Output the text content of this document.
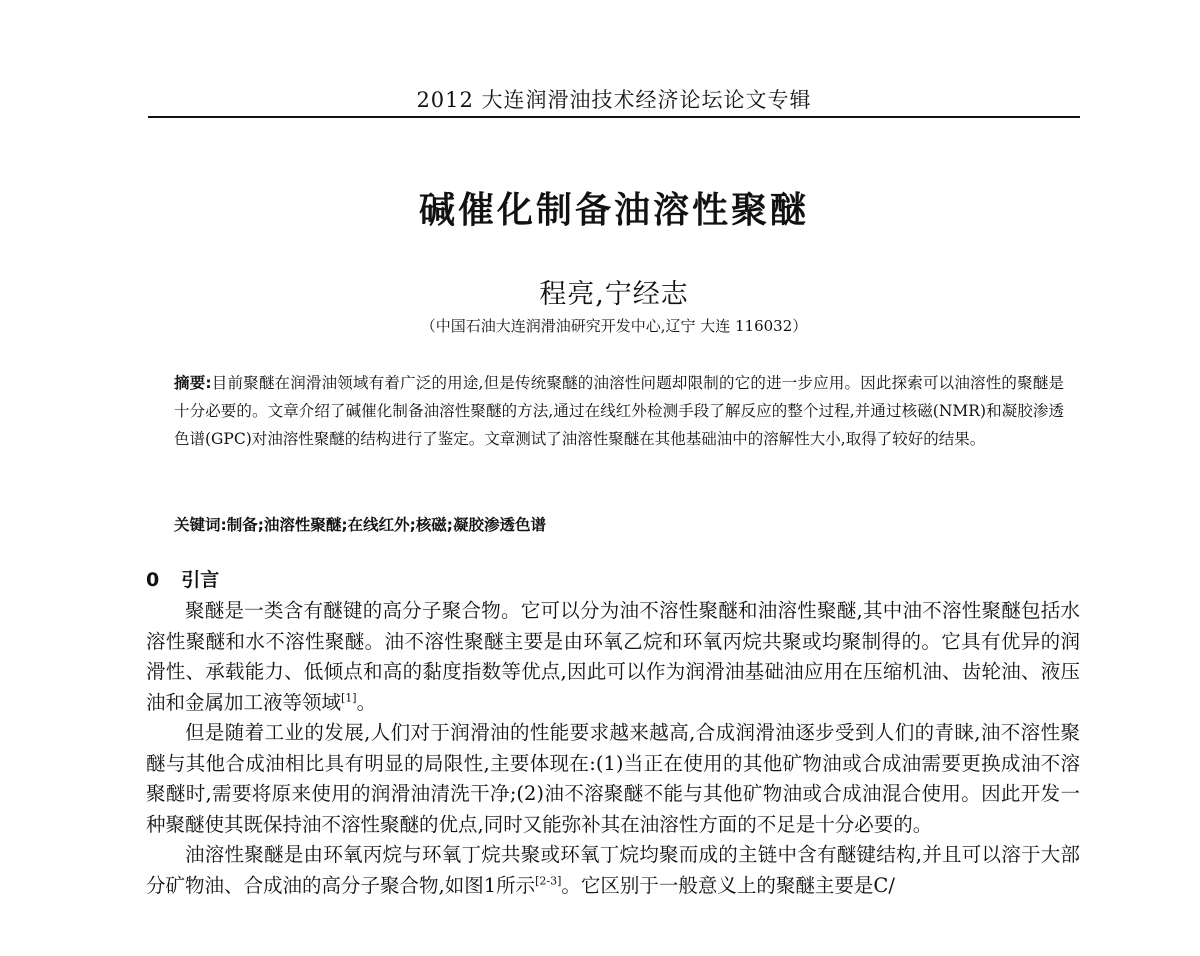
2012 大连润滑油技术经济论坛论文专辑
碱催化制备油溶性聚醚
程亮,宁经志
（中国石油大连润滑油研究开发中心,辽宁 大连 116032）
摘要:目前聚醚在润滑油领域有着广泛的用途,但是传统聚醚的油溶性问题却限制的它的进一步应用。因此探索可以油溶性的聚醚是十分必要的。文章介绍了碱催化制备油溶性聚醚的方法,通过在线红外检测手段了解反应的整个过程,并通过核磁(NMR)和凝胶渗透色谱(GPC)对油溶性聚醚的结构进行了鉴定。文章测试了油溶性聚醚在其他基础油中的溶解性大小,取得了较好的结果。
关键词:制备;油溶性聚醚;在线红外;核磁;凝胶渗透色谱
0 引言

聚醚是一类含有醚键的高分子聚合物。它可以分为油不溶性聚醚和油溶性聚醚,其中油不溶性聚醚包括水溶性聚醚和水不溶性聚醚。油不溶性聚醚主要是由环氧乙烷和环氧丙烷共聚或均聚制得的。它具有优异的润滑性、承载能力、低倾点和高的黏度指数等优点,因此可以作为润滑油基础油应用在压缩机油、齿轮油、液压油和金属加工液等领域[1]。

但是随着工业的发展,人们对于润滑油的性能要求越来越高,合成润滑油逐步受到人们的青睐,油不溶性聚醚与其他合成油相比具有明显的局限性,主要体现在:(1)当正在使用的其他矿物油或合成油需要更换成油不溶聚醚时,需要将原来使用的润滑油清洗干净;(2)油不溶聚醚不能与其他矿物油或合成油混合使用。因此开发一种聚醚使其既保持油不溶性聚醚的优点,同时又能弥补其在油溶性方面的不足是十分必要的。

油溶性聚醚是由环氧丙烷与环氧丁烷共聚或环氧丁烷均聚而成的主链中含有醚键结构,并且可以溶于大部分矿物油、合成油的高分子聚合物,如图1所示[2-3]。它区别于一般意义上的聚醚主要是C/
